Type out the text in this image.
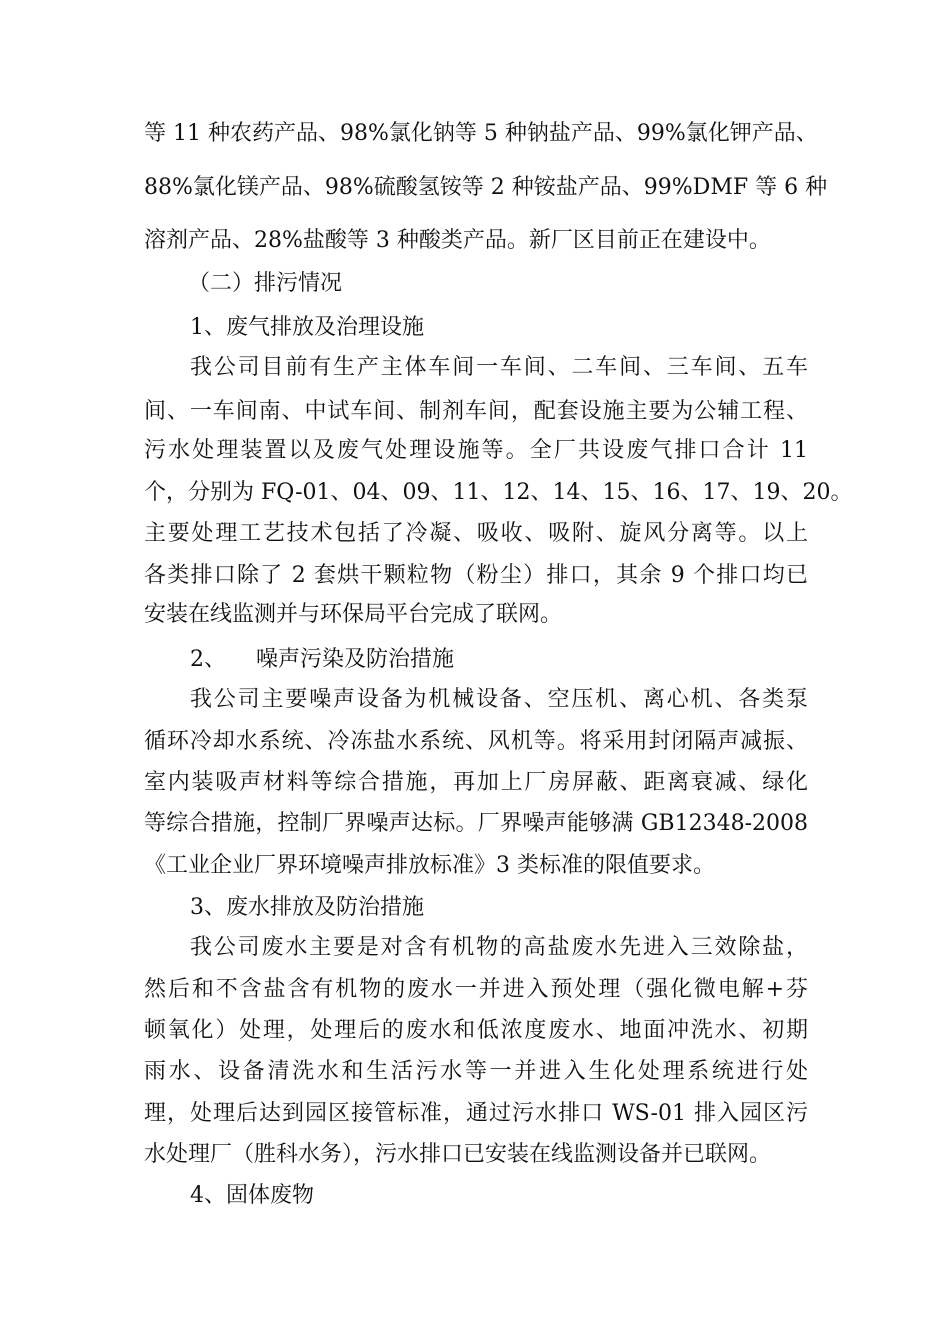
等 11 种农药产品、98%氯化钠等 5 种钠盐产品、99%氯化钾产品、
88%氯化镁产品、98%硫酸氢铵等 2 种铵盐产品、99%DMF 等 6 种
溶剂产品、28%盐酸等 3 种酸类产品。新厂区目前正在建设中。
（二）排污情况
1、废气排放及治理设施
我公司目前有生产主体车间一车间、二车间、三车间、五车
间、一车间南、中试车间、制剂车间，配套设施主要为公辅工程、
污水处理装置以及废气处理设施等。全厂共设废气排口合计 11
个，分别为 FQ-01、04、09、11、12、14、15、16、17、19、20。
主要处理工艺技术包括了冷凝、吸收、吸附、旋风分离等。以上
各类排口除了 2 套烘干颗粒物（粉尘）排口，其余 9 个排口均已
安装在线监测并与环保局平台完成了联网。
2、 噪声污染及防治措施
我公司主要噪声设备为机械设备、空压机、离心机、各类泵
循环冷却水系统、冷冻盐水系统、风机等。将采用封闭隔声减振、
室内装吸声材料等综合措施，再加上厂房屏蔽、距离衰减、绿化
等综合措施，控制厂界噪声达标。厂界噪声能够满 GB12348-2008
《工业企业厂界环境噪声排放标准》3 类标准的限值要求。
3、废水排放及防治措施
我公司废水主要是对含有机物的高盐废水先进入三效除盐，
然后和不含盐含有机物的废水一并进入预处理（强化微电解+芬
顿氧化）处理，处理后的废水和低浓度废水、地面冲洗水、初期
雨水、设备清洗水和生活污水等一并进入生化处理系统进行处
理，处理后达到园区接管标准，通过污水排口 WS-01 排入园区污
水处理厂（胜科水务），污水排口已安装在线监测设备并已联网。
4、固体废物
